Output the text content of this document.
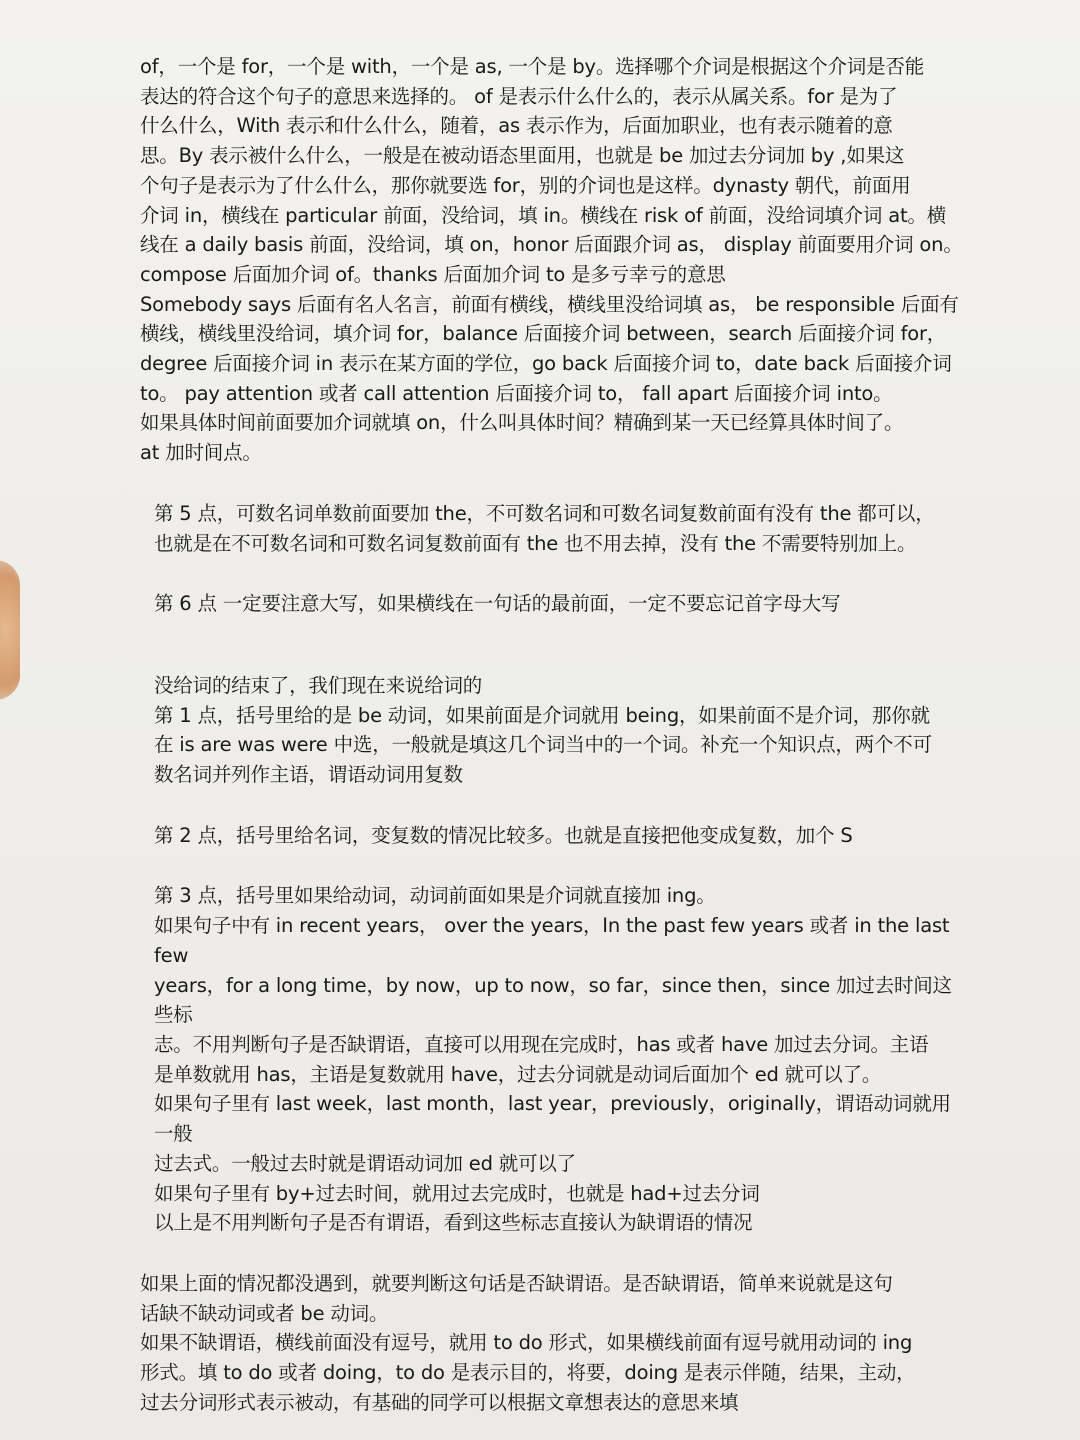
of，一个是 for，一个是 with，一个是 as, 一个是 by。选择哪个介词是根据这个介词是否能

表达的符合这个句子的意思来选择的。 of 是表示什么什么的，表示从属关系。for 是为了

什么什么，With 表示和什么什么，随着，as 表示作为，后面加职业，也有表示随着的意

思。By 表示被什么什么，一般是在被动语态里面用，也就是 be 加过去分词加 by ,如果这

个句子是表示为了什么什么，那你就要选 for，别的介词也是这样。dynasty 朝代，前面用

介词 in，横线在 particular 前面，没给词，填 in。横线在 risk of 前面，没给词填介词 at。横

线在 a daily basis 前面，没给词，填 on，honor 后面跟介词 as， display 前面要用介词 on。

compose 后面加介词 of。thanks 后面加介词 to 是多亏幸亏的意思

Somebody says 后面有名人名言，前面有横线，横线里没给词填 as， be responsible 后面有

横线，横线里没给词，填介词 for，balance 后面接介词 between，search 后面接介词 for，

degree 后面接介词 in 表示在某方面的学位，go back 后面接介词 to，date back 后面接介词

to。 pay attention 或者 call attention 后面接介词 to， fall apart 后面接介词 into。

如果具体时间前面要加介词就填 on，什么叫具体时间？精确到某一天已经算具体时间了。

at 加时间点。

第 5 点，可数名词单数前面要加 the，不可数名词和可数名词复数前面有没有 the 都可以，

也就是在不可数名词和可数名词复数前面有 the 也不用去掉，没有 the 不需要特别加上。

第 6 点 一定要注意大写，如果横线在一句话的最前面，一定不要忘记首字母大写

没给词的结束了，我们现在来说给词的

第 1 点，括号里给的是 be 动词，如果前面是介词就用 being，如果前面不是介词，那你就

在 is are was were 中选，一般就是填这几个词当中的一个词。补充一个知识点，两个不可

数名词并列作主语，谓语动词用复数

第 2 点，括号里给名词，变复数的情况比较多。也就是直接把他变成复数，加个 S

第 3 点，括号里如果给动词，动词前面如果是介词就直接加 ing。

如果句子中有 in recent years， over the years，In the past few years 或者 in the last few

years，for a long time，by now，up to now，so far，since then，since 加过去时间这些标

志。不用判断句子是否缺谓语，直接可以用现在完成时，has 或者 have 加过去分词。主语

是单数就用 has，主语是复数就用 have，过去分词就是动词后面加个 ed 就可以了。

如果句子里有 last week，last month，last year，previously，originally，谓语动词就用一般

过去式。一般过去时就是谓语动词加 ed 就可以了

如果句子里有 by+过去时间，就用过去完成时，也就是 had+过去分词

以上是不用判断句子是否有谓语，看到这些标志直接认为缺谓语的情况

如果上面的情况都没遇到，就要判断这句话是否缺谓语。是否缺谓语，简单来说就是这句

话缺不缺动词或者 be 动词。

如果不缺谓语，横线前面没有逗号，就用 to do 形式，如果横线前面有逗号就用动词的 ing

形式。填 to do 或者 doing，to do 是表示目的，将要，doing 是表示伴随，结果，主动，

过去分词形式表示被动，有基础的同学可以根据文章想表达的意思来填
